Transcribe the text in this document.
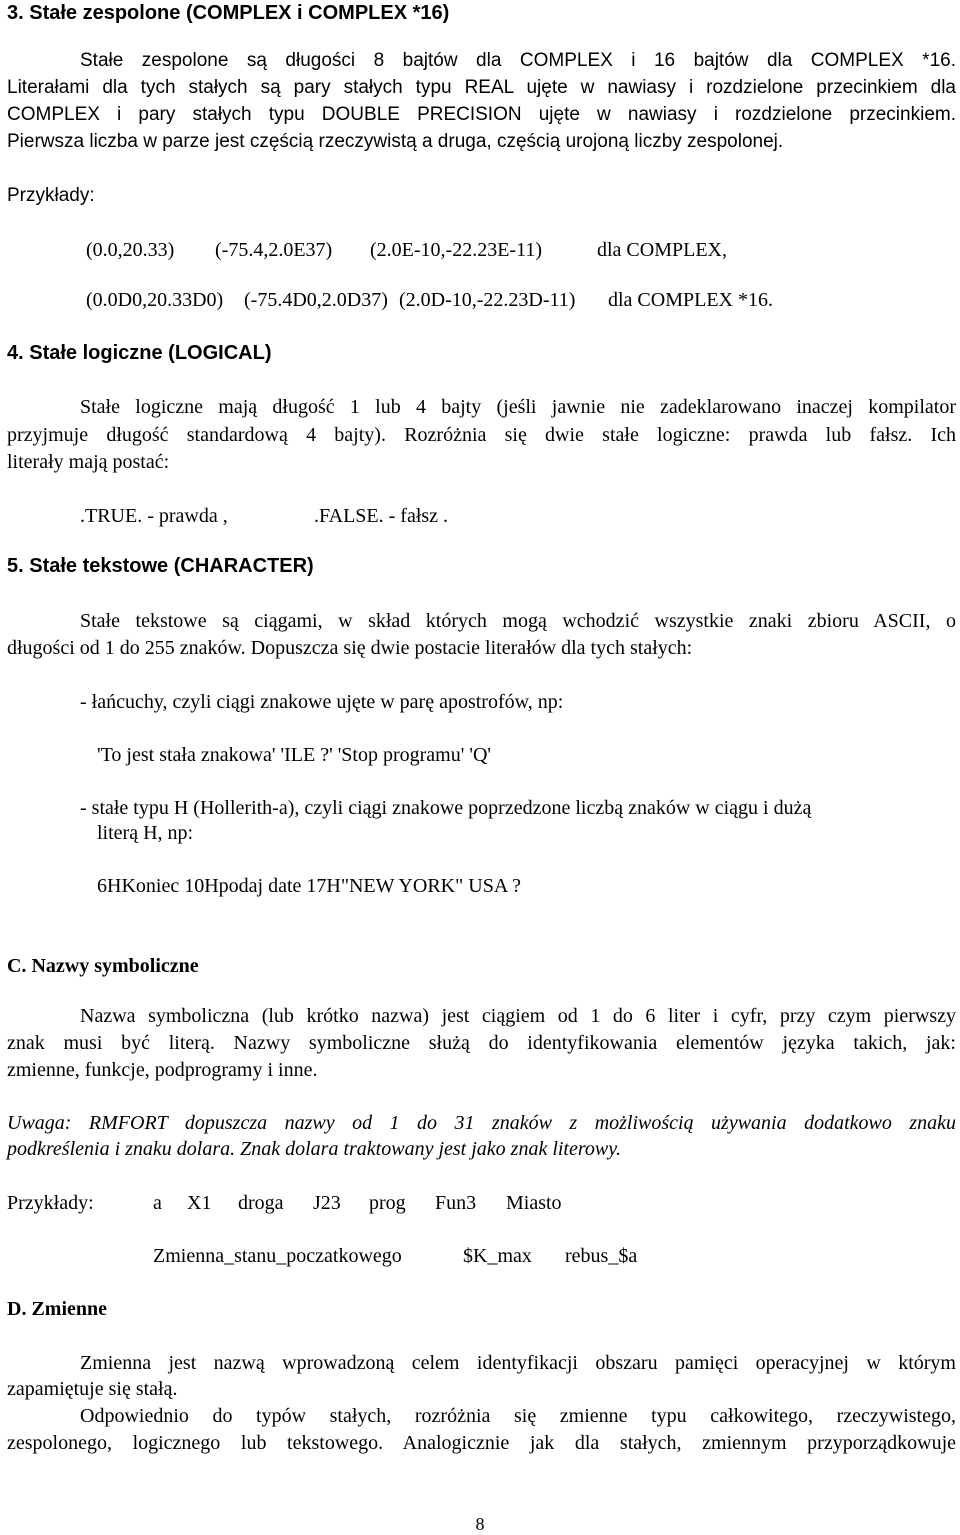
3. Stałe zespolone (COMPLEX i COMPLEX *16)
Stałe zespolone są długości 8 bajtów dla COMPLEX i 16 bajtów dla COMPLEX *16.
Literałami dla tych stałych są pary stałych typu REAL ujęte w nawiasy i rozdzielone przecinkiem dla
COMPLEX i pary stałych typu DOUBLE PRECISION ujęte w nawiasy i rozdzielone przecinkiem.
Pierwsza liczba w parze jest częścią rzeczywistą a druga, częścią urojoną liczby zespolonej.
Przykłady:
(0.0,20.33) (-75.4,2.0E37) (2.0E-10,-22.23E-11)	dla COMPLEX,
(0.0D0,20.33D0) (-75.4D0,2.0D37) (2.0D-10,-22.23D-11) dla COMPLEX *16.
4. Stałe logiczne (LOGICAL)
Stałe logiczne mają długość 1 lub 4 bajty (jeśli jawnie nie zadeklarowano inaczej kompilator
przyjmuje długość standardową 4 bajty). Rozróżnia się dwie stałe logiczne: prawda lub fałsz. Ich
literały mają postać:
.TRUE. - prawda ,	.FALSE. - fałsz .
5. Stałe tekstowe (CHARACTER)
Stałe tekstowe są ciągami, w skład których mogą wchodzić wszystkie znaki zbioru ASCII, o
długości od 1 do 255 znaków. Dopuszcza się dwie postacie literałów dla tych stałych:
- łańcuchy, czyli ciągi znakowe ujęte w parę apostrofów, np:
'To jest stała znakowa' 'ILE ?' 'Stop programu' 'Q'
- stałe typu H (Hollerith-a), czyli ciągi znakowe poprzedzone liczbą znaków w ciągu i dużą
literą H, np:
6HKoniec 10Hpodaj date 17H"NEW YORK" USA ?
C. Nazwy symboliczne
Nazwa symboliczna (lub krótko nazwa) jest ciągiem od 1 do 6 liter i cyfr, przy czym pierwszy
znak musi być literą. Nazwy symboliczne służą do identyfikowania elementów języka takich, jak:
zmienne, funkcje, podprogramy i inne.
Uwaga: RMFORT dopuszcza nazwy od 1 do 31 znaków z możliwością używania dodatkowo znaku
podkreślenia i znaku dolara. Znak dolara traktowany jest jako znak literowy.
Przykłady:	a X1 droga J23 prog Fun3 Miasto
Zmienna_stanu_poczatkowego	$K_max rebus_$a
D. Zmienne
Zmienna jest nazwą wprowadzoną celem identyfikacji obszaru pamięci operacyjnej w którym
zapamiętuje się stałą.
Odpowiednio do typów stałych, rozróżnia się zmienne typu całkowitego, rzeczywistego,
zespolonego, logicznego lub tekstowego. Analogicznie jak dla stałych, zmiennym przyporządkowuje
8
